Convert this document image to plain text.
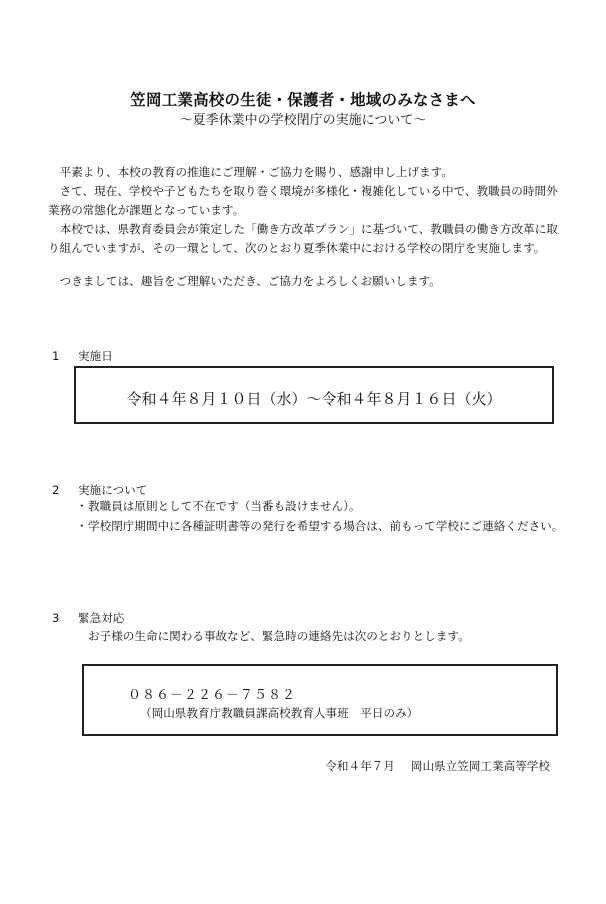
笠岡工業高校の生徒・保護者・地域のみなさまへ
～夏季休業中の学校閉庁の実施について～
平素より、本校の教育の推進にご理解・ご協力を賜り、感謝申し上げます。
さて、現在、学校や子どもたちを取り巻く環境が多様化・複雑化している中で、教職員の時間外業務の常態化が課題となっています。
本校では、県教育委員会が策定した「働き方改革プラン」に基づいて、教職員の働き方改革に取り組んでいますが、その一環として、次のとおり夏季休業中における学校の閉庁を実施します。
つきましては、趣旨をご理解いただき、ご協力をよろしくお願いします。
1 実施日
令和４年８月１０日（水）～令和４年８月１６日（火）
2 実施について
・ 教職員は原則として不在です（当番も設けません）。
・ 学校閉庁期間中に各種証明書等の発行を希望する場合は、前もって学校にご連絡ください。
3 緊急対応
お子様の生命に関わる事故など、緊急時の連絡先は次のとおりとします。
０８６－２２６－７５８２
（岡山県教育庁教職員課高校教育人事班　平日のみ）
令和４年７月 岡山県立笠岡工業高等学校
